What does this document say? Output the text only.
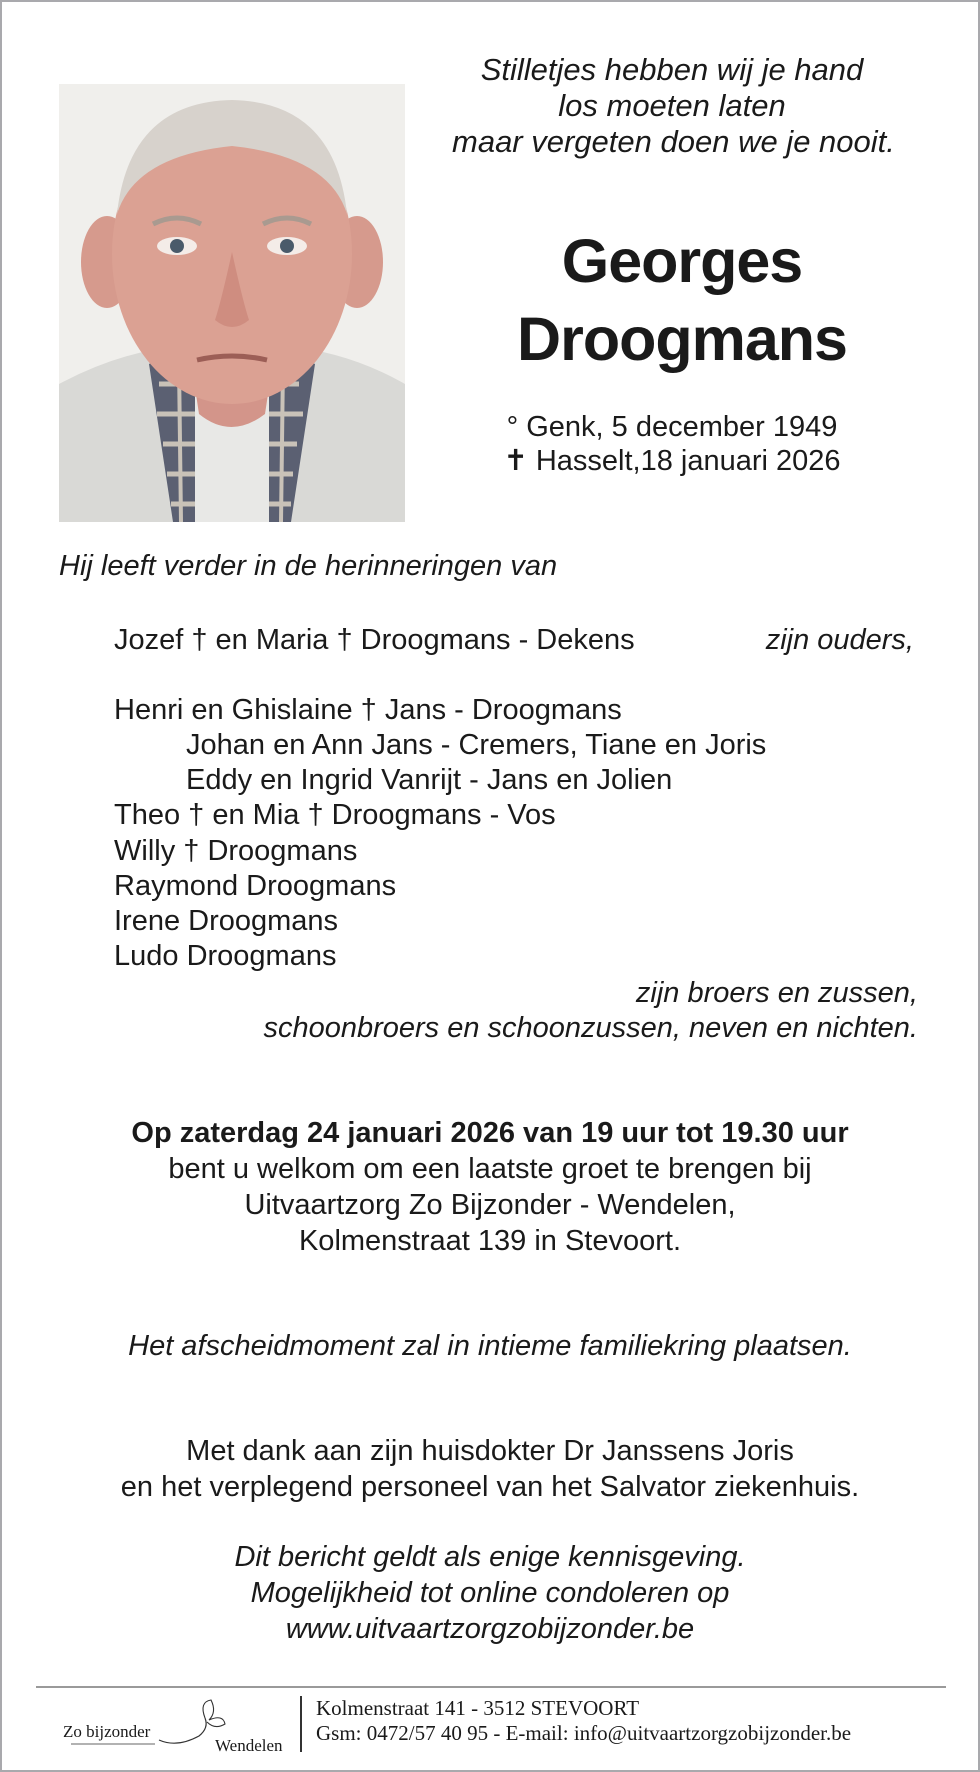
Stilletjes hebben wij je hand
los moeten laten
maar vergeten doen we je nooit.
Georges
Droogmans
° Genk, 5 december 1949
✝ Hasselt,18 januari 2026
Hij leeft verder in de herinneringen van
Jozef † en Maria † Droogmans - Dekens	zijn ouders,
Henri en Ghislaine † Jans - Droogmans
Johan en Ann Jans - Cremers, Tiane en Joris
Eddy en Ingrid Vanrijt - Jans en Jolien
Theo † en Mia † Droogmans - Vos
Willy † Droogmans
Raymond Droogmans
Irene Droogmans
Ludo Droogmans
zijn broers en zussen,
schoonbroers en schoonzussen, neven en nichten.
Op zaterdag 24 januari 2026 van 19 uur tot 19.30 uur
bent u welkom om een laatste groet te brengen bij
Uitvaartzorg Zo Bijzonder - Wendelen,
Kolmenstraat 139 in Stevoort.
Het afscheidmoment zal in intieme familiekring plaatsen.
Met dank aan zijn huisdokter Dr Janssens Joris
en het verplegend personeel van het Salvator ziekenhuis.
Dit bericht geldt als enige kennisgeving.
Mogelijkheid tot online condoleren op
www.uitvaartzorgzobijzonder.be
Zo bijzonder
Wendelen
Kolmenstraat 141 - 3512 STEVOORT
Gsm: 0472/57 40 95 - E-mail: info@uitvaartzorgzobijzonder.be
